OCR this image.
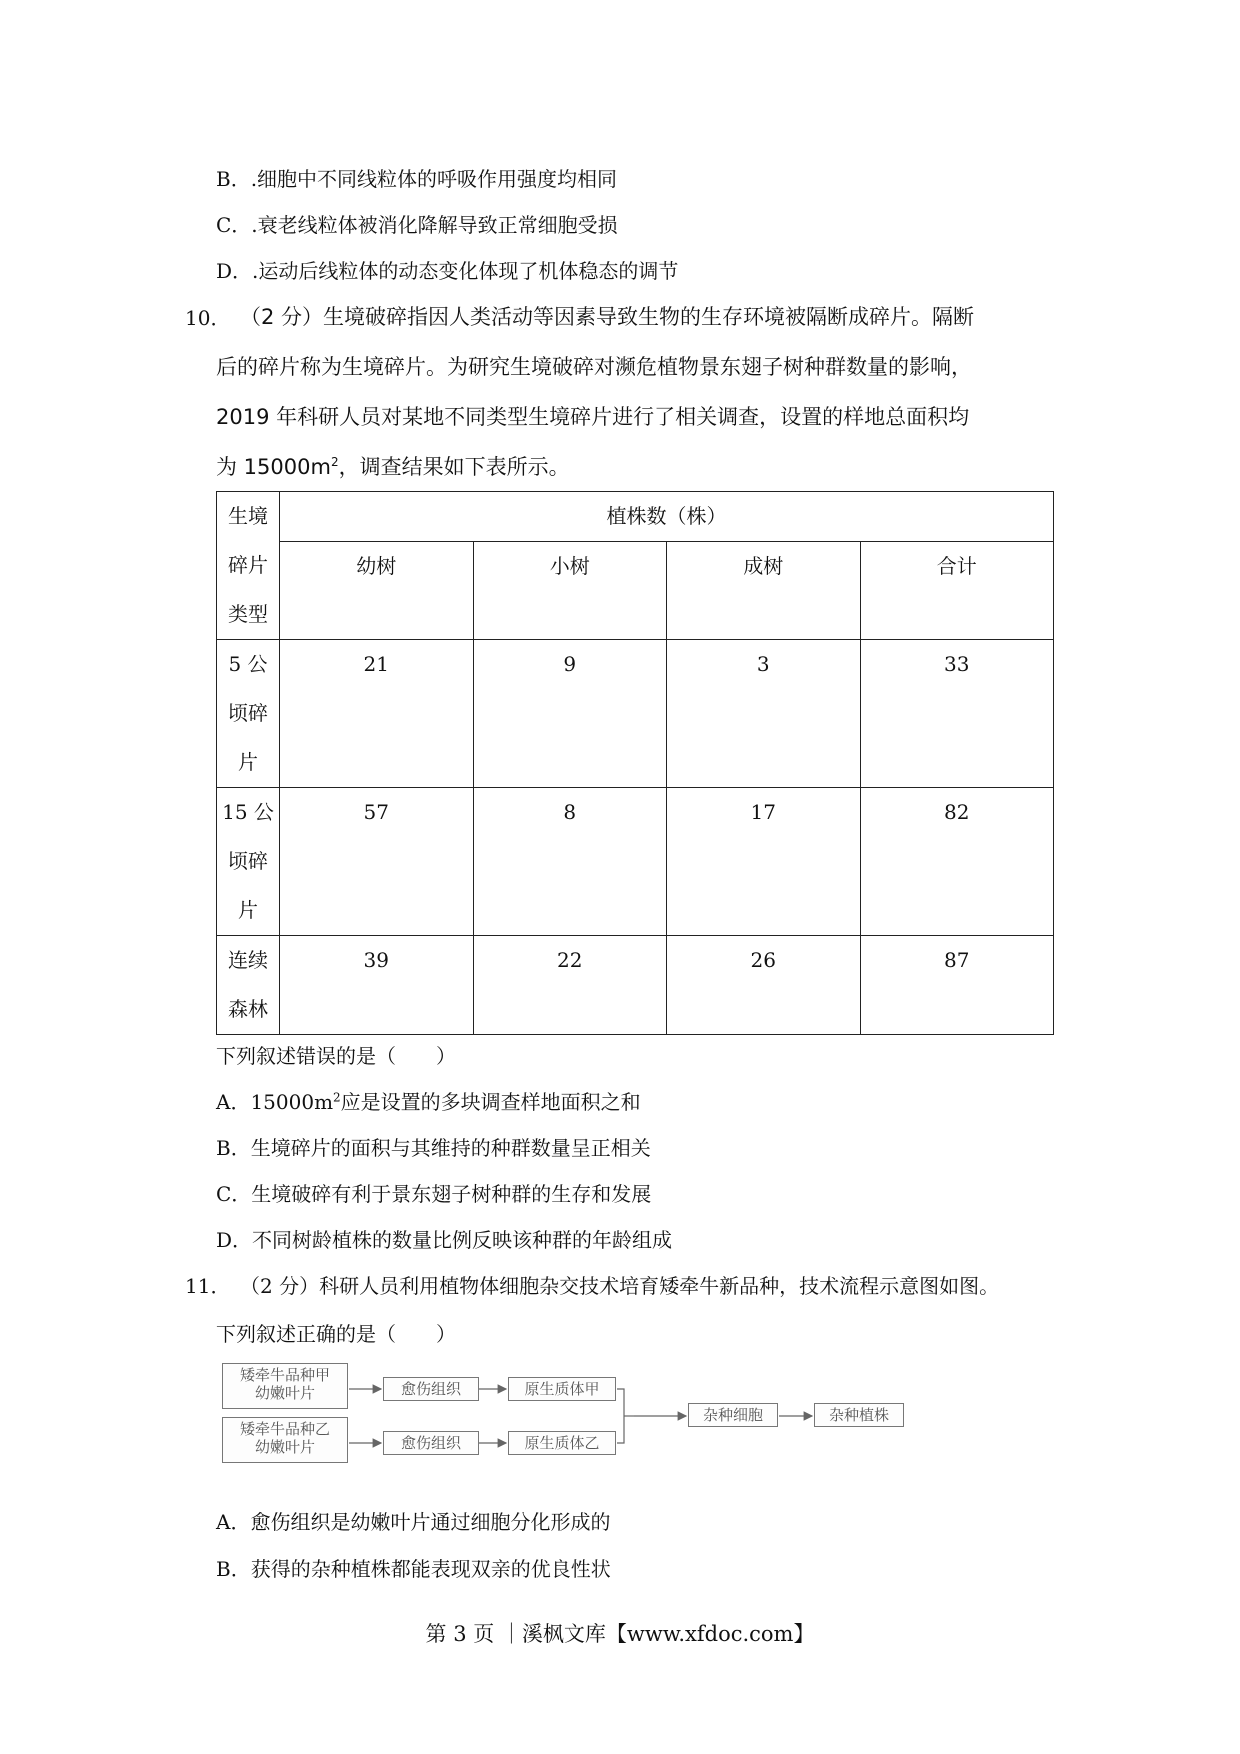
B．.细胞中不同线粒体的呼吸作用强度均相同
C．.衰老线粒体被消化降解导致正常细胞受损
D．.运动后线粒体的动态变化体现了机体稳态的调节
10． （2 分）生境破碎指因人类活动等因素导致生物的生存环境被隔断成碎片。隔断
后的碎片称为生境碎片。为研究生境破碎对濒危植物景东翅子树种群数量的影响，
2019 年科研人员对某地不同类型生境碎片进行了相关调查，设置的样地总面积均
为 $15000m^2$，调查结果如下表所示。
生境
碎片
类型	植株数（株）			
	幼树	小树	成树	合计

5 公
顷碎
片	21	9	3	33

15 公
顷碎
片	57	8	17	82

连续
森林	39	22	26	87
下列叙述错误的是（　　）
A．$15000m^2$应是设置的多块调查样地面积之和
B．生境碎片的面积与其维持的种群数量呈正相关
C．生境破碎有利于景东翅子树种群的生存和发展
D．不同树龄植株的数量比例反映该种群的年龄组成
11． （2 分）科研人员利用植物体细胞杂交技术培育矮牵牛新品种，技术流程示意图如图。
下列叙述正确的是（　　）
矮牵牛品种甲
幼嫩叶片
矮牵牛品种乙
幼嫩叶片
愈伤组织
愈伤组织
原生质体甲
原生质体乙
杂种细胞	杂种植株
A．愈伤组织是幼嫩叶片通过细胞分化形成的
B．获得的杂种植株都能表现双亲的优良性状
第 3 页 ｜溪枫文库【www.xfdoc.com】
